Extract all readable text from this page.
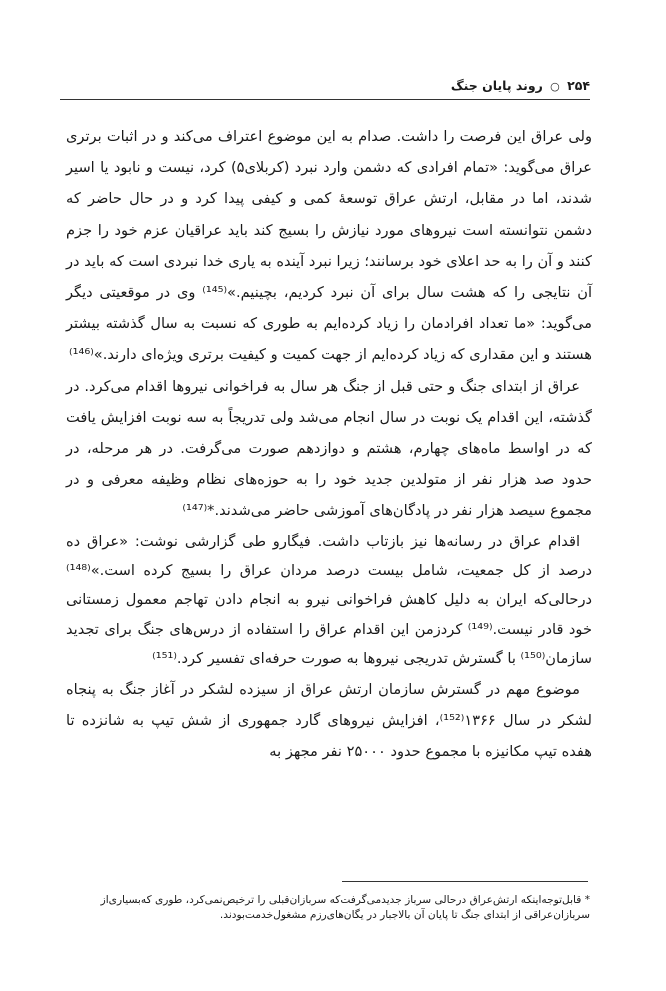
۲۵۴ ○ روند پایان جنگ

ولی عراق این فرصت را داشت. صدام به این موضوع اعتراف می‌کند و در اثبات برتری عراق می‌گوید: «تمام افرادی که دشمن وارد نبرد (کربلای۵) کرد، نیست و نابود یا اسیر شدند، اما در مقابل، ارتش عراق توسعهٔ کمی و کیفی پیدا کرد و در حال حاضر که دشمن نتوانسته است نیروهای مورد نیازش را بسیج کند باید عراقیان عزم خود را جزم کنند و آن را به حد اعلای خود برسانند؛ زیرا نبرد آینده به یاری خدا نبردی است که باید در آن نتایجی را که هشت سال برای آن نبرد کردیم، بچینیم.»⁽¹⁴⁵⁾ وی در موقعیتی دیگر می‌گوید: «ما تعداد افرادمان را زیاد کرده‌ایم به طوری که نسبت به سال گذشته بیشتر هستند و این مقداری که زیاد کرده‌ایم از جهت کمیت و کیفیت برتری ویژه‌ای دارند.»⁽¹⁴⁶⁾

عراق از ابتدای جنگ و حتی قبل از جنگ هر سال به فراخوانی نیروها اقدام می‌کرد. در گذشته، این اقدام یک نوبت در سال انجام می‌شد ولی تدریجاً به سه نوبت افزایش یافت که در اواسط ماه‌های چهارم، هشتم و دوازدهم صورت می‌گرفت. در هر مرحله، در حدود صد هزار نفر از متولدین جدید خود را به حوزه‌های نظام وظیفه معرفی و در مجموع سیصد هزار نفر در پادگان‌های آموزشی حاضر می‌شدند.*⁽¹⁴⁷⁾

اقدام عراق در رسانه‌ها نیز بازتاب داشت. فیگارو طی گزارشی نوشت: «عراق ده درصد از کل جمعیت، شامل بیست درصد مردان عراق را بسیج کرده است.»⁽¹⁴⁸⁾ درحالی‌که ایران به دلیل کاهش فراخوانی نیرو به انجام دادن تهاجم معمول زمستانی خود قادر نیست.⁽¹⁴⁹⁾ کردزمن این اقدام عراق را استفاده از درس‌های جنگ برای تجدید سازمان⁽¹⁵⁰⁾ با گسترش تدریجی نیروها به صورت حرفه‌ای تفسیر کرد.⁽¹⁵¹⁾

موضوع مهم در گسترش سازمان ارتش عراق از سیزده لشکر در آغاز جنگ به پنجاه لشکر در سال ۱۳۶۶⁽¹⁵²⁾، افزایش نیروهای گارد جمهوری از شش تیپ به شانزده تا هفده تیپ مکانیزه با مجموع حدود ۲۵۰۰۰ نفر مجهز به

* قابل‌توجه‌اینکه ارتش‌عراق درحالی سرباز جدیدمی‌گرفت‌که سربازان‌قبلی را ترخیص‌نمی‌کرد، طوری که‌بسیاری‌از سربازان‌عراقی از ابتدای جنگ تا پایان آن بالاجبار در یگان‌های‌رزم مشغول‌خدمت‌بودند.
